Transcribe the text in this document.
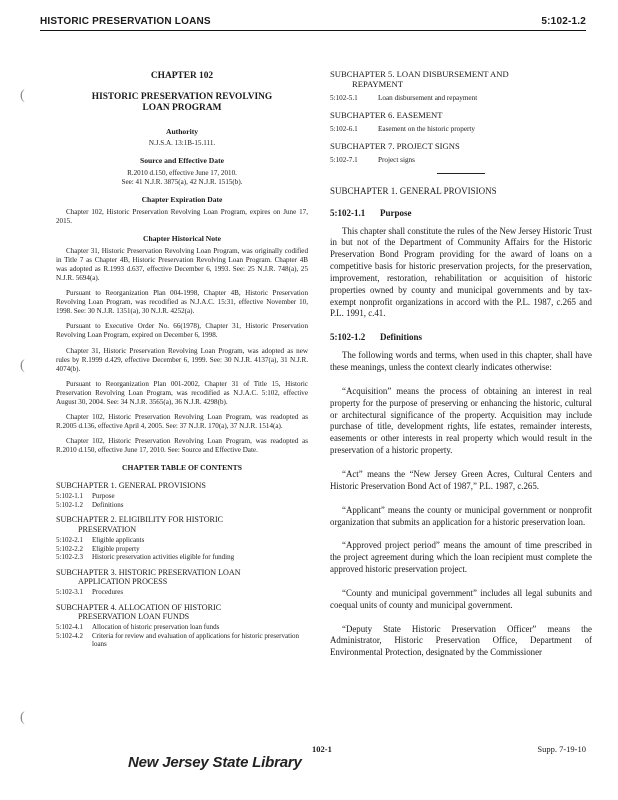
HISTORIC PRESERVATION LOANS	5:102-1.2
(
(
(
CHAPTER 102
HISTORIC PRESERVATION REVOLVING
LOAN PROGRAM
Authority

N.J.S.A. 13:1B-15.111.

Source and Effective Date

R.2010 d.150, effective June 17, 2010.

See: 41 N.J.R. 3875(a), 42 N.J.R. 1515(b).

Chapter Expiration Date

Chapter 102, Historic Preservation Revolving Loan Program, expires on June 17, 2015.

Chapter Historical Note

Chapter 31, Historic Preservation Revolving Loan Program, was originally codified in Title 7 as Chapter 4B, Historic Preservation Revolving Loan Program. Chapter 4B was adopted as R.1993 d.637, effective December 6, 1993. See: 25 N.J.R. 748(a), 25 N.J.R. 5694(a).

Pursuant to Reorganization Plan 004-1998, Chapter 4B, Historic Preservation Revolving Loan Program, was recodified as N.J.A.C. 15:31, effective November 10, 1998. See: 30 N.J.R. 1351(a), 30 N.J.R. 4252(a).

Pursuant to Executive Order No. 66(1978), Chapter 31, Historic Preservation Revolving Loan Program, expired on December 6, 1998.

Chapter 31, Historic Preservation Revolving Loan Program, was adopted as new rules by R.1999 d.429, effective December 6, 1999. See: 30 N.J.R. 4137(a), 31 N.J.R. 4074(b).

Pursuant to Reorganization Plan 001-2002, Chapter 31 of Title 15, Historic Preservation Revolving Loan Program, was recodified as N.J.A.C. 5:102, effective August 30, 2004. See: 34 N.J.R. 3565(a), 36 N.J.R. 4298(b).

Chapter 102, Historic Preservation Revolving Loan Program, was readopted as R.2005 d.136, effective April 4, 2005. See: 37 N.J.R. 170(a), 37 N.J.R. 1514(a).

Chapter 102, Historic Preservation Revolving Loan Program, was readopted as R.2010 d.150, effective June 17, 2010. See: Source and Effective Date.

CHAPTER TABLE OF CONTENTS
SUBCHAPTER 1. GENERAL PROVISIONS
5:102-1.1	Purpose
5:102-1.2	Definitions
SUBCHAPTER 2. ELIGIBILITY FOR HISTORIC
PRESERVATION
5:102-2.1	Eligible applicants
5:102-2.2	Eligible property
5:102-2.3	Historic preservation activities eligible for funding
SUBCHAPTER 3. HISTORIC PRESERVATION LOAN
APPLICATION PROCESS
5:102-3.1	Procedures
SUBCHAPTER 4. ALLOCATION OF HISTORIC
PRESERVATION LOAN FUNDS
5:102-4.1	Allocation of historic preservation loan funds
5:102-4.2	Criteria for review and evaluation of applications for historic preservation loans
SUBCHAPTER 5. LOAN DISBURSEMENT AND
REPAYMENT
5:102-5.1	Loan disbursement and repayment
SUBCHAPTER 6. EASEMENT
5:102-6.1	Easement on the historic property
SUBCHAPTER 7. PROJECT SIGNS
5:102-7.1	Project signs
SUBCHAPTER 1. GENERAL PROVISIONS
5:102-1.1 Purpose

This chapter shall constitute the rules of the New Jersey Historic Trust in but not of the Department of Community Affairs for the Historic Preservation Bond Program providing for the award of loans on a competitive basis for historic preservation projects, for the preservation, improvement, restoration, rehabilitation or acquisition of historic properties owned by county and municipal governments and by tax-exempt nonprofit organizations in accord with the P.L. 1987, c.265 and P.L. 1991, c.41.

5:102-1.2 Definitions

The following words and terms, when used in this chapter, shall have these meanings, unless the context clearly indicates otherwise:

“Acquisition” means the process of obtaining an interest in real property for the purpose of preserving or enhancing the historic, cultural or architectural significance of the property. Acquisition may include purchase of title, development rights, life estates, remainder interests, easements or other interests in real property which would result in the preservation of a historic property.

“Act” means the “New Jersey Green Acres, Cultural Centers and Historic Preservation Bond Act of 1987,” P.L. 1987, c.265.

“Applicant” means the county or municipal government or nonprofit organization that submits an application for a historic preservation loan.

“Approved project period” means the amount of time prescribed in the project agreement during which the loan recipient must complete the approved historic preservation project.

“County and municipal government” includes all legal subunits and coequal units of county and municipal government.

“Deputy State Historic Preservation Officer” means the Administrator, Historic Preservation Office, Department of Environmental Protection, designated by the Commissioner

102-1	Supp. 7-19-10
New Jersey State Library
